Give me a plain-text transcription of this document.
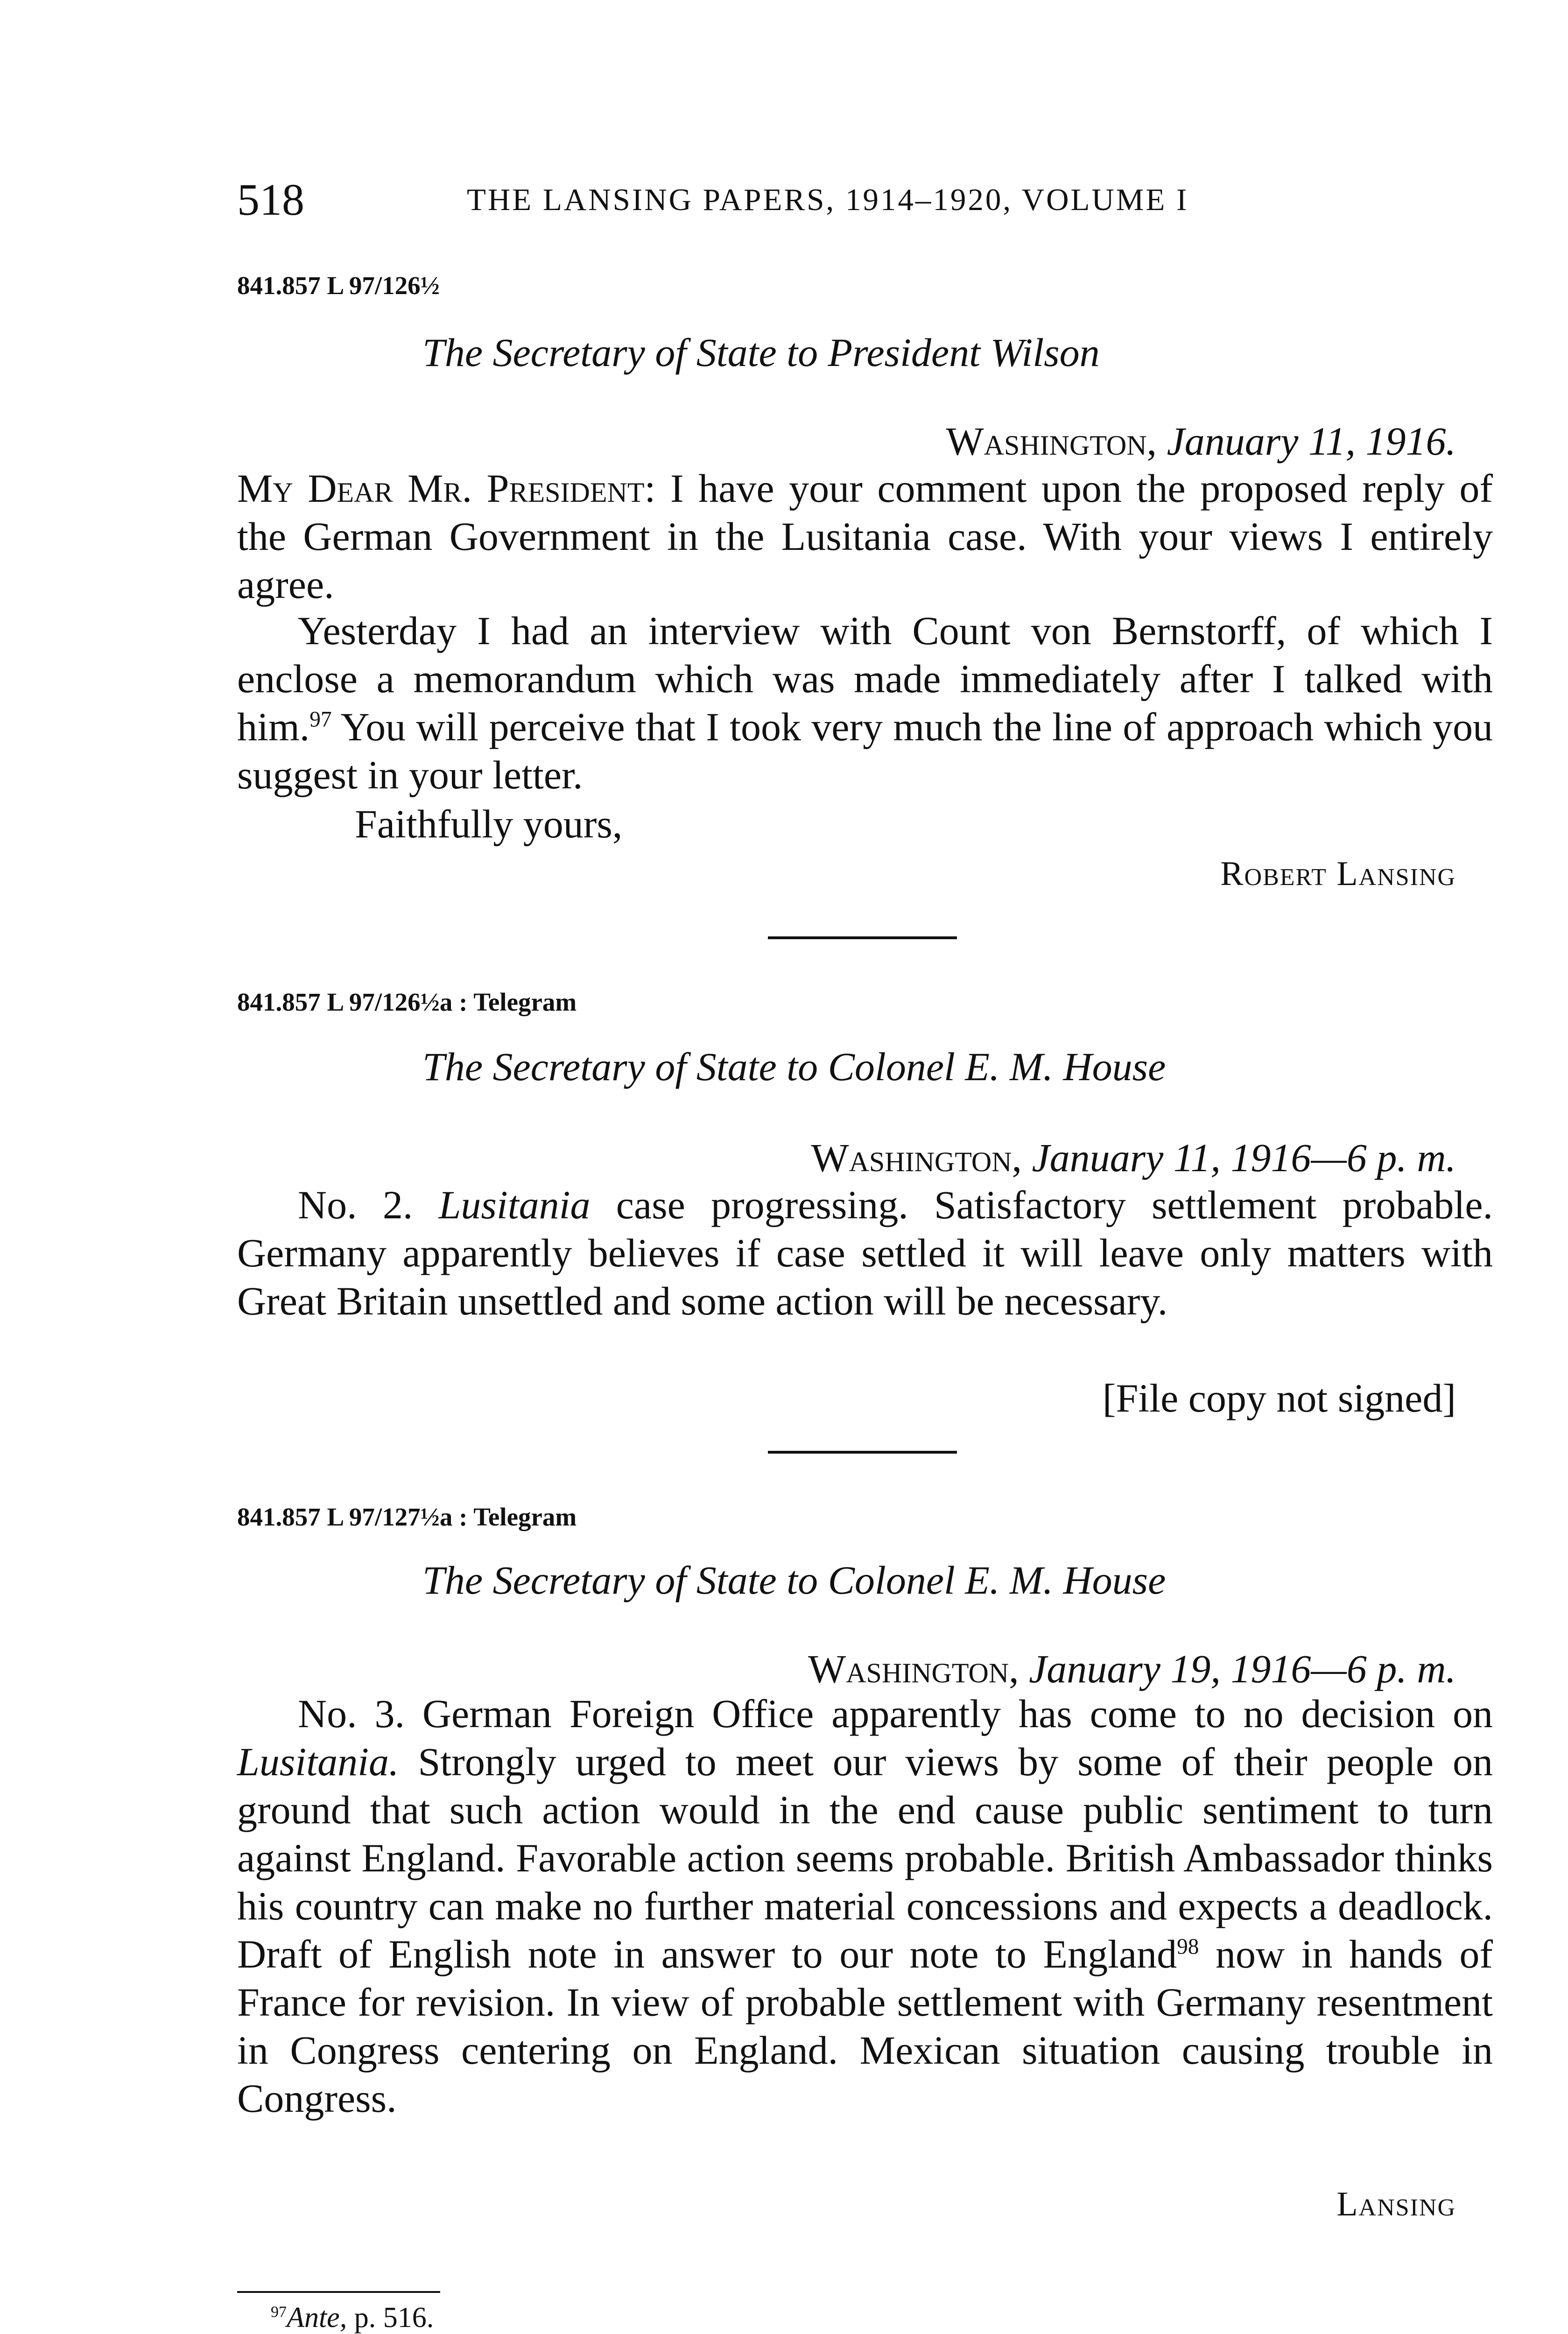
518	THE LANSING PAPERS, 1914–1920, VOLUME I
841.857 L 97/126½
The Secretary of State to President Wilson
Washington, January 11, 1916.
My Dear Mr. President: I have your comment upon the proposed reply of the German Government in the Lusitania case. With your views I entirely agree.
Yesterday I had an interview with Count von Bernstorff, of which I enclose a memorandum which was made immediately after I talked with him.$^{97}$ You will perceive that I took very much the line of approach which you suggest in your letter.
Faithfully yours,
Robert Lansing
841.857 L 97/126½a : Telegram
The Secretary of State to Colonel E. M. House
Washington, January 11, 1916—6 p. m.
No. 2. Lusitania case progressing. Satisfactory settlement probable. Germany apparently believes if case settled it will leave only matters with Great Britain unsettled and some action will be necessary.
[File copy not signed]
841.857 L 97/127½a : Telegram
The Secretary of State to Colonel E. M. House
Washington, January 19, 1916—6 p. m.
No. 3. German Foreign Office apparently has come to no decision on Lusitania. Strongly urged to meet our views by some of their people on ground that such action would in the end cause public sentiment to turn against England. Favorable action seems probable. British Ambassador thinks his country can make no further material concessions and expects a deadlock. Draft of English note in answer to our note to England$^{98}$ now in hands of France for revision. In view of probable settlement with Germany resentment in Congress centering on England. Mexican situation causing trouble in Congress.
Lansing
$^{97}$Ante, p. 516.
